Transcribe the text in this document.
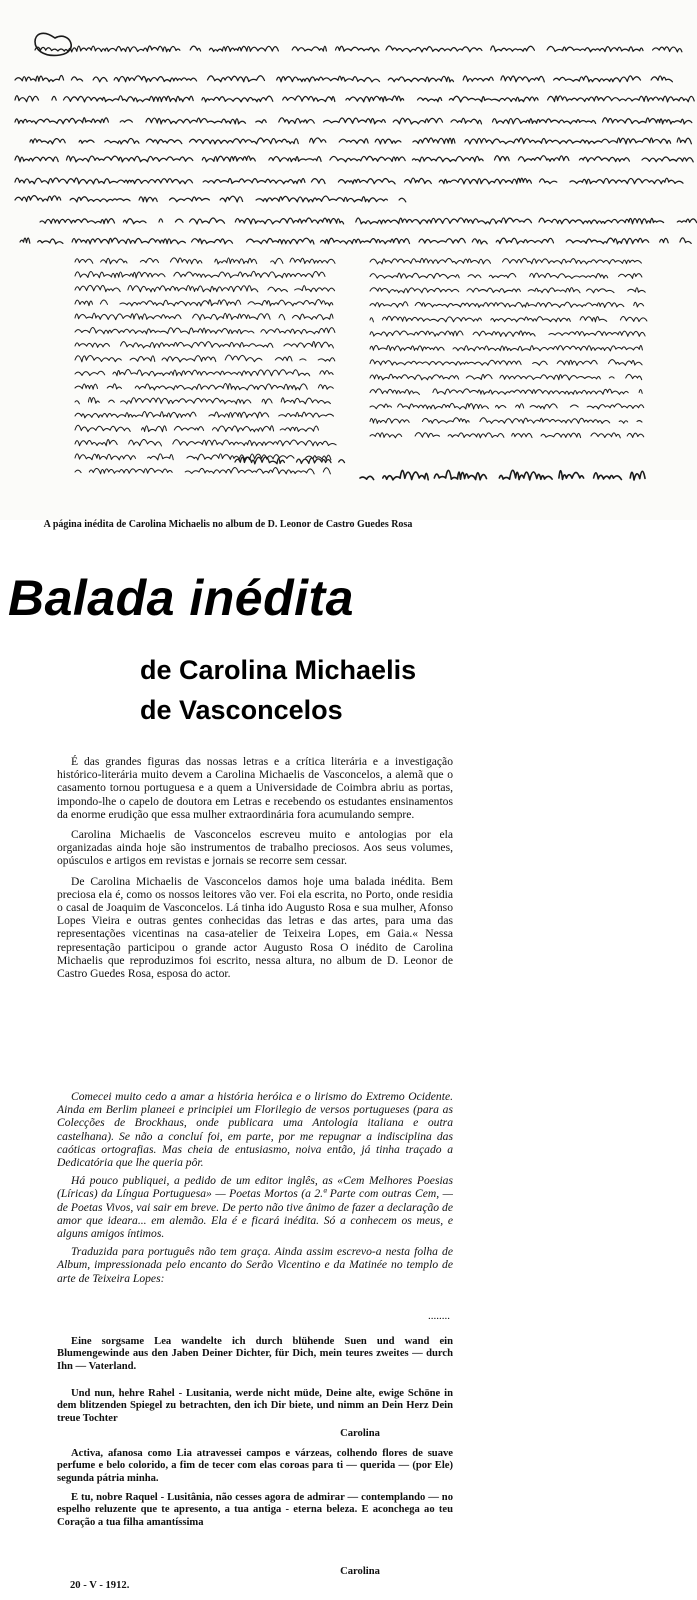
A página inédita de Carolina Michaelis no album de D. Leonor de Castro Guedes Rosa
Balada inédita
de Carolina Michaelis
de Vasconcelos

É das grandes figuras das nossas letras e a crítica literária e a investigação histórico-literária muito devem a Carolina Michaelis de Vasconcelos, a alemã que o casamento tornou portuguesa e a quem a Universidade de Coimbra abriu as portas, impondo-lhe o capelo de doutora em Letras e recebendo os estudantes ensinamentos da enorme erudição que essa mulher extraordinária fora acumulando sempre.

Carolina Michaelis de Vasconcelos escreveu muito e antologias por ela organizadas ainda hoje são instrumentos de trabalho preciosos. Aos seus volumes, opúsculos e artigos em revistas e jornais se recorre sem cessar.

De Carolina Michaelis de Vasconcelos damos hoje uma balada inédita. Bem preciosa ela é, como os nossos leitores vão ver. Foi ela escrita, no Porto, onde residia o casal de Joaquim de Vasconcelos. Lá tinha ido Augusto Rosa e sua mulher, Afonso Lopes Vieira e outras gentes conhecidas das letras e das artes, para uma das representações vicentinas na casa-atelier de Teixeira Lopes, em Gaia.« Nessa representação participou o grande actor Augusto Rosa O inédito de Carolina Michaelis que reproduzimos foi escrito, nessa altura, no album de D. Leonor de Castro Guedes Rosa, esposa do actor.

Comecei muito cedo a amar a história heróica e o lirismo do Extremo Ocidente. Ainda em Berlim planeei e principiei um Florilegio de versos portugueses (para as Colecções de Brockhaus, onde publicara uma Antologia italiana e outra castelhana). Se não a concluí foi, em parte, por me repugnar a indisciplina das caóticas ortografias. Mas cheia de entusiasmo, noiva então, já tinha traçado a Dedicatória que lhe queria pôr.

Há pouco publiquei, a pedido de um editor inglês, as «Cem Melhores Poesias (Líricas) da Língua Portuguesa» — Poetas Mortos (a 2.ª Parte com outras Cem, — de Poetas Vivos, vai sair em breve. De perto não tive ânimo de fazer a declaração de amor que ideara... em alemão. Ela é e ficará inédita. Só a conhecem os meus, e alguns amigos íntimos.

Traduzida para português não tem graça. Ainda assim escrevo-a nesta folha de Album, impressionada pelo encanto do Serão Vicentino e da Matinée no templo de arte de Teixeira Lopes:

........

Eine sorgsame Lea wandelte ich durch blühende Suen und wand ein Blumengewinde aus den Jaben Deiner Dichter, für Dich, mein teures zweites — durch Ihn — Vaterland.

Und nun, hehre Rahel - Lusitania, werde nicht müde, Deine alte, ewige Schöne in dem blitzenden Spiegel zu betrachten, den ich Dir biete, und nimm an Dein Herz Dein treue Tochter

Carolina

Activa, afanosa como Lia atravessei campos e várzeas, colhendo flores de suave perfume e belo colorido, a fim de tecer com elas coroas para ti — querida — (por Ele) segunda pátria minha.

E tu, nobre Raquel - Lusitânia, não cesses agora de admirar — contemplando — no espelho reluzente que te apresento, a tua antiga - eterna beleza. E aconchega ao teu Coração a tua filha amantíssima

Carolina
20 - V - 1912.
